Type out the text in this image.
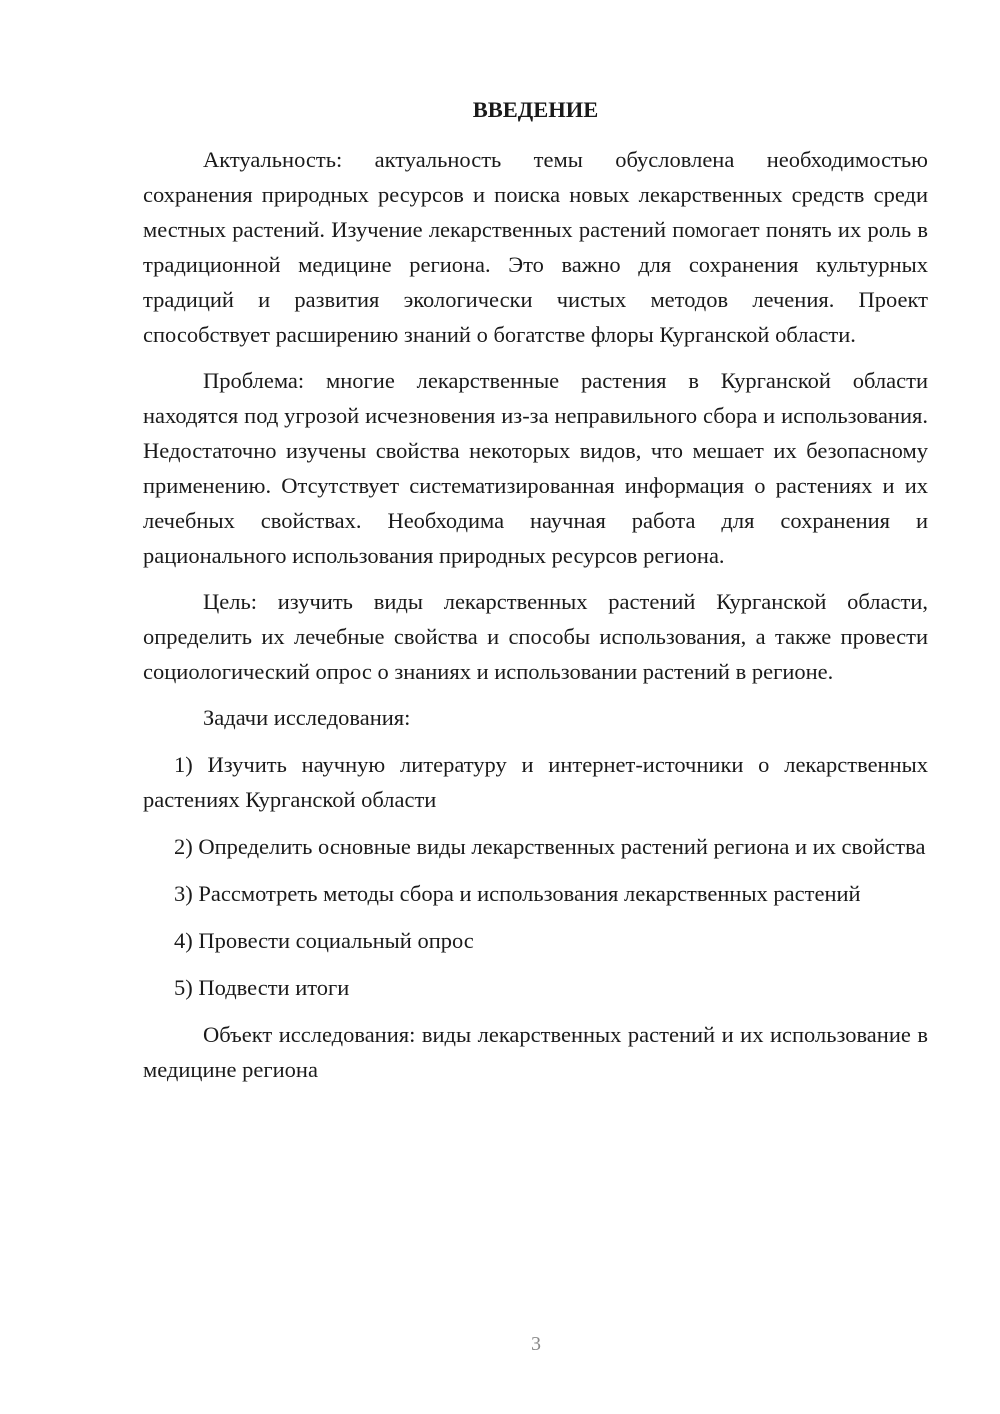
ВВЕДЕНИЕ

Актуальность: актуальность темы обусловлена необходимостью сохранения природных ресурсов и поиска новых лекарственных средств среди местных растений. Изучение лекарственных растений помогает понять их роль в традиционной медицине региона. Это важно для сохранения культурных традиций и развития экологически чистых методов лечения. Проект способствует расширению знаний о богатстве флоры Курганской области.

Проблема: многие лекарственные растения в Курганской области находятся под угрозой исчезновения из-за неправильного сбора и использования. Недостаточно изучены свойства некоторых видов, что мешает их безопасному применению. Отсутствует систематизированная информация о растениях и их лечебных свойствах. Необходима научная работа для сохранения и рационального использования природных ресурсов региона.

Цель: изучить виды лекарственных растений Курганской области, определить их лечебные свойства и способы использования, а также провести социологический опрос о знаниях и использовании растений в регионе.

Задачи исследования:

1) Изучить научную литературу и интернет-источники о лекарственных растениях Курганской области

2) Определить основные виды лекарственных растений региона и их свойства

3) Рассмотреть методы сбора и использования лекарственных растений

4) Провести социальный опрос

5) Подвести итоги

Объект исследования: виды лекарственных растений и их использование в медицине региона

3
